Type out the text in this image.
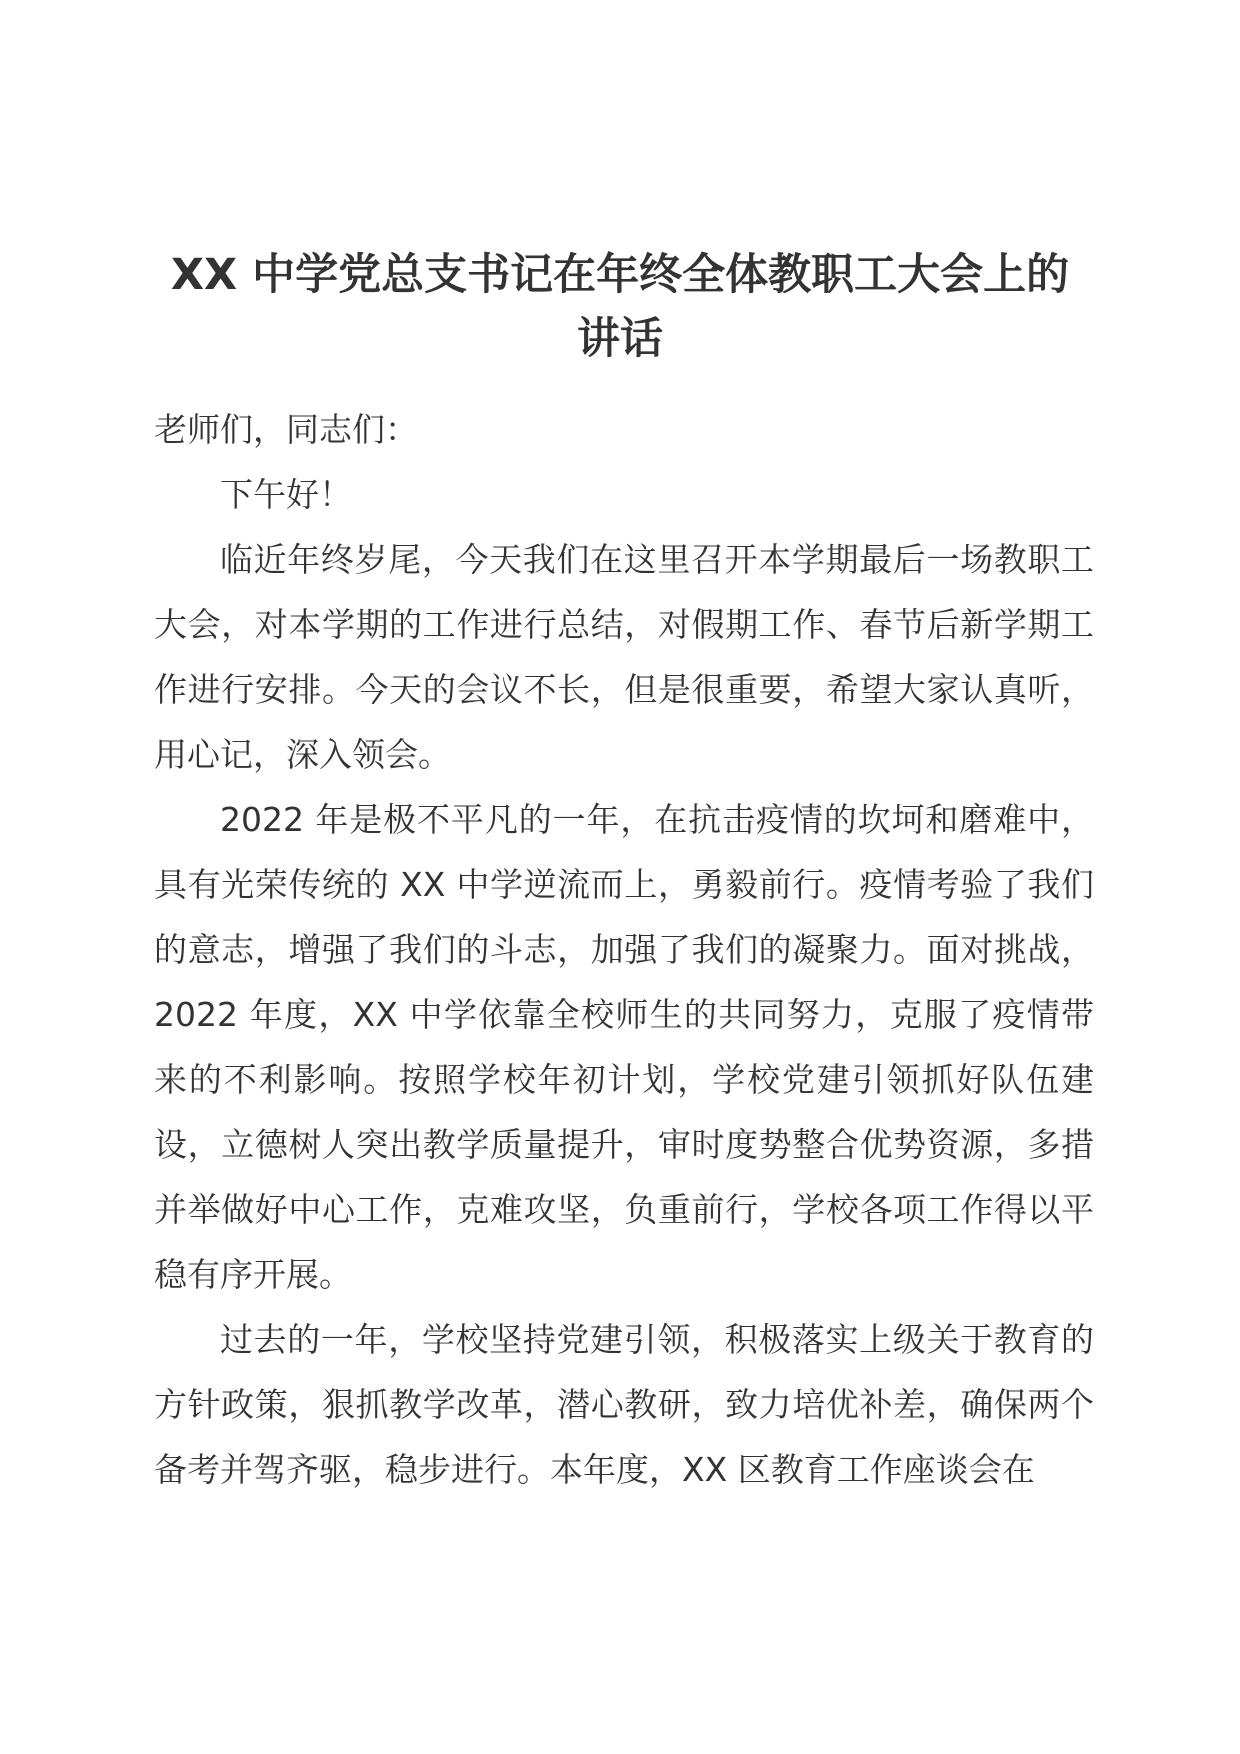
XX 中学党总支书记在年终全体教职工大会上的讲话

老师们，同志们：

下午好！

临近年终岁尾，今天我们在这里召开本学期最后一场教职工大会，对本学期的工作进行总结，对假期工作、春节后新学期工作进行安排。今天的会议不长，但是很重要，希望大家认真听，用心记，深入领会。

2022 年是极不平凡的一年，在抗击疫情的坎坷和磨难中，具有光荣传统的 XX 中学逆流而上，勇毅前行。疫情考验了我们的意志，增强了我们的斗志，加强了我们的凝聚力。面对挑战，2022 年度，XX 中学依靠全校师生的共同努力，克服了疫情带来的不利影响。按照学校年初计划，学校党建引领抓好队伍建设，立德树人突出教学质量提升，审时度势整合优势资源，多措并举做好中心工作，克难攻坚，负重前行，学校各项工作得以平稳有序开展。

过去的一年，学校坚持党建引领，积极落实上级关于教育的方针政策，狠抓教学改革，潜心教研，致力培优补差，确保两个备考并驾齐驱，稳步进行。本年度，XX 区教育工作座谈会在
